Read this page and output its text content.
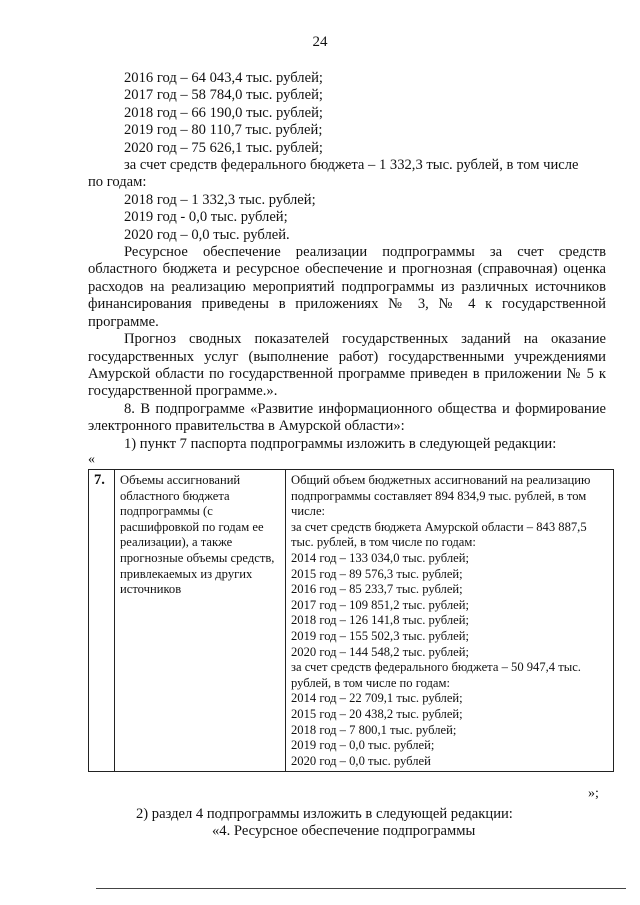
24
2016 год – 64 043,4 тыс. рублей;
2017 год – 58 784,0 тыс. рублей;
2018 год – 66 190,0 тыс. рублей;
2019 год – 80 110,7 тыс. рублей;
2020 год – 75 626,1 тыс. рублей;
за счет средств федерального бюджета – 1 332,3 тыс. рублей, в том числе
по годам:
2018 год – 1 332,3 тыс. рублей;
2019 год - 0,0 тыс. рублей;
2020 год – 0,0 тыс. рублей.
Ресурсное обеспечение реализации подпрограммы за счет средств областного бюджета и ресурсное обеспечение и прогнозная (справочная) оценка расходов на реализацию мероприятий подпрограммы из различных источников финансирования приведены в приложениях № 3, № 4 к государственной программе.
Прогноз сводных показателей государственных заданий на оказание государственных услуг (выполнение работ) государственными учреждениями Амурской области по государственной программе приведен в приложении № 5 к государственной программе.».
8. В подпрограмме «Развитие информационного общества и формирование электронного правительства в Амурской области»:
1) пункт 7 паспорта подпрограммы изложить в следующей редакции:
«
7.	Объемы ассигнований областного бюджета подпрограммы (с расшифровкой по годам ее реализации), а также прогнозные объемы средств, привлекаемых из других источников	
Общий объем бюджетных ассигнований на реализацию
подпрограммы составляет 894 834,9 тыс. рублей, в том
числе:
за счет средств бюджета Амурской области – 843 887,5
тыс. рублей, в том числе по годам:
2014 год – 133 034,0 тыс. рублей;
2015 год – 89 576,3 тыс. рублей;
2016 год – 85 233,7 тыс. рублей;
2017 год – 109 851,2 тыс. рублей;
2018 год – 126 141,8 тыс. рублей;
2019 год – 155 502,3 тыс. рублей;
2020 год – 144 548,2 тыс. рублей;
за счет средств федерального бюджета – 50 947,4 тыс.
рублей, в том числе по годам:
2014 год – 22 709,1 тыс. рублей;
2015 год – 20 438,2 тыс. рублей;
2018 год – 7 800,1 тыс. рублей;
2019 год – 0,0 тыс. рублей;
2020 год – 0,0 тыс. рублей
»;
2) раздел 4 подпрограммы изложить в следующей редакции:
«4. Ресурсное обеспечение подпрограммы
